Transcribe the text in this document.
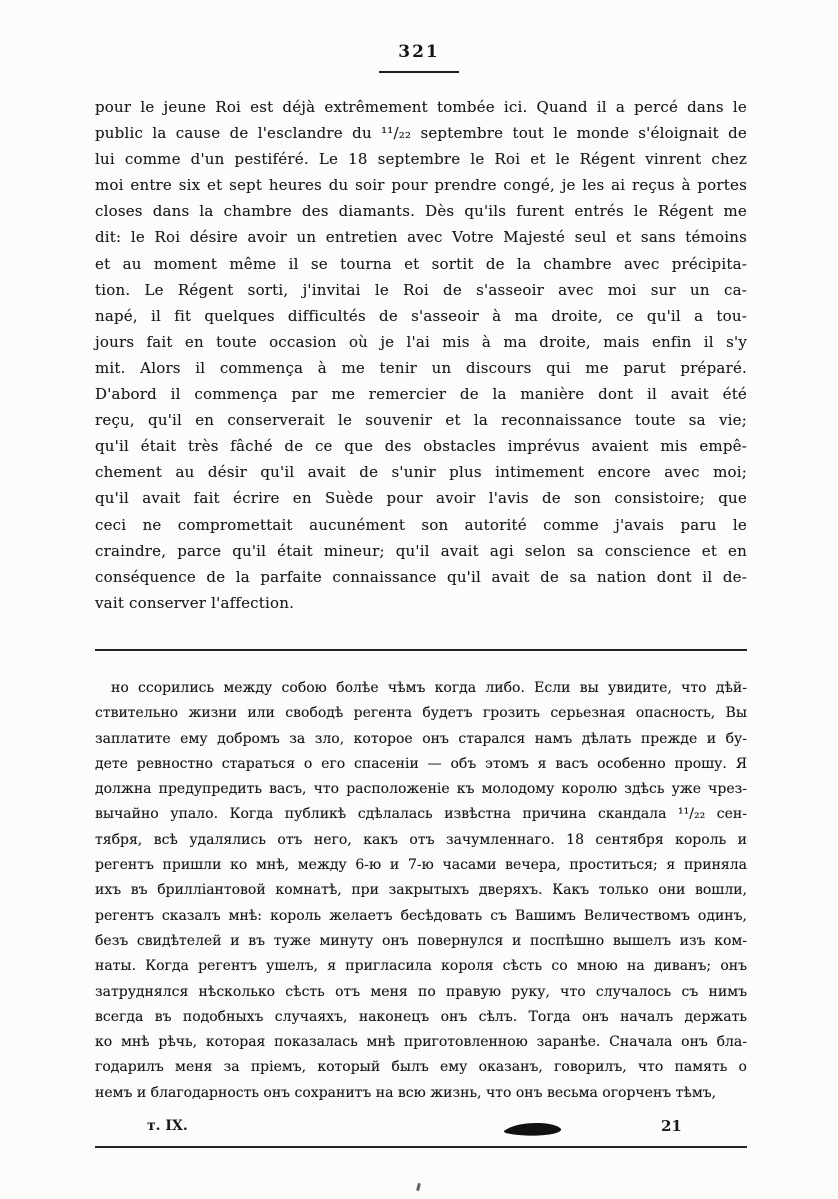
321
pour le jeune Roi est déjà extrêmement tombée ici. Quand il a percé dans le
public la cause de l'esclandre du ¹¹/₂₂ septembre tout le monde s'éloignait de
lui comme d'un pestiféré. Le 18 septembre le Roi et le Régent vinrent chez
moi entre six et sept heures du soir pour prendre congé, je les ai reçus à portes
closes dans la chambre des diamants. Dès qu'ils furent entrés le Régent me
dit: le Roi désire avoir un entretien avec Votre Majesté seul et sans témoins
et au moment même il se tourna et sortit de la chambre avec précipita-
tion. Le Régent sorti, j'invitai le Roi de s'asseoir avec moi sur un ca-
napé, il fit quelques difficultés de s'asseoir à ma droite, ce qu'il a tou-
jours fait en toute occasion où je l'ai mis à ma droite, mais enfin il s'y
mit. Alors il commença à me tenir un discours qui me parut préparé.
D'abord il commença par me remercier de la manière dont il avait été
reçu, qu'il en conserverait le souvenir et la reconnaissance toute sa vie;
qu'il était très fâché de ce que des obstacles imprévus avaient mis empê-
chement au désir qu'il avait de s'unir plus intimement encore avec moi;
qu'il avait fait écrire en Suède pour avoir l'avis de son consistoire; que
ceci ne compromettait aucunément son autorité comme j'avais paru le
craindre, parce qu'il était mineur; qu'il avait agi selon sa conscience et en
conséquence de la parfaite connaissance qu'il avait de sa nation dont il de-
vait conserver l'affection.
но ссорились между собою болѣе чѣмъ когда либо. Если вы увидите, что дѣй-
ствительно жизни или свободѣ регента будетъ грозить серьезная опасность, Вы
заплатите ему добромъ за зло, которое онъ старался намъ дѣлать прежде и бу-
дете ревностно стараться о его спасеніи — объ этомъ я васъ особенно прошу. Я
должна предупредить васъ, что расположеніе къ молодому королю здѣсь уже чрез-
вычайно упало. Когда публикѣ сдѣлалась извѣстна причина скандала ¹¹/₂₂ сен-
тября, всѣ удалялись отъ него, какъ отъ зачумленнаго. 18 сентября король и
регентъ пришли ко мнѣ, между 6-ю и 7-ю часами вечера, проститься; я приняла
ихъ въ брилліантовой комнатѣ, при закрытыхъ дверяхъ. Какъ только они вошли,
регентъ сказалъ мнѣ: король желаетъ бесѣдовать съ Вашимъ Величествомъ одинъ,
безъ свидѣтелей и въ туже минуту онъ повернулся и поспѣшно вышелъ изъ ком-
наты. Когда регентъ ушелъ, я пригласила короля сѣсть со мною на диванъ; онъ
затруднялся нѣсколько сѣсть отъ меня по правую руку, что случалось съ нимъ
всегда въ подобныхъ случаяхъ, наконецъ онъ сѣлъ. Тогда онъ началъ держать
ко мнѣ рѣчь, которая показалась мнѣ приготовленною заранѣе. Сначала онъ бла-
годарилъ меня за пріемъ, который былъ ему оказанъ, говорилъ, что память о
немъ и благодарность онъ сохранитъ на всю жизнь, что онъ весьма огорченъ тѣмъ,
т. IX.	21
